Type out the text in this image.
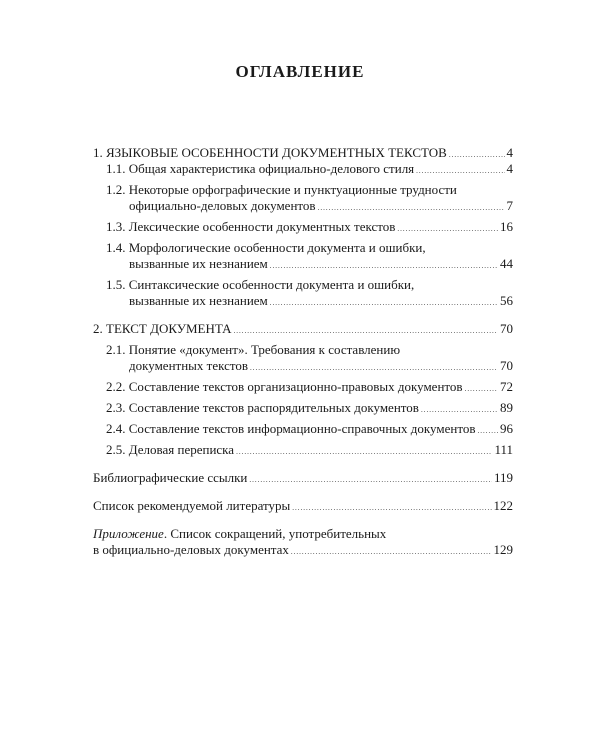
ОГЛАВЛЕНИЕ
1. ЯЗЫКОВЫЕ ОСОБЕННОСТИ ДОКУМЕНТНЫХ ТЕКСТОВ .....	4
1.1. Общая характеристика официально-делового стиля .....	4
1.2. Некоторые орфографические и пунктуационные трудности
официально-деловых документов .....	7
1.3. Лексические особенности документных текстов .....	16
1.4. Морфологические особенности документа и ошибки,
вызванные их незнанием .....	44
1.5. Синтаксические особенности документа и ошибки,
вызванные их незнанием .....	56
2. ТЕКСТ ДОКУМЕНТА .....	70
2.1. Понятие «документ». Требования к составлению
документных текстов .....	70
2.2. Составление текстов организационно-правовых документов .....	72
2.3. Составление текстов распорядительных документов .....	89
2.4. Составление текстов информационно-справочных документов ..... 96
2.5. Деловая переписка .....	111
Библиографические ссылки .....	119
Список рекомендуемой литературы .....	122
Приложение. Список сокращений, употребительных
в официально-деловых документах .....	129
